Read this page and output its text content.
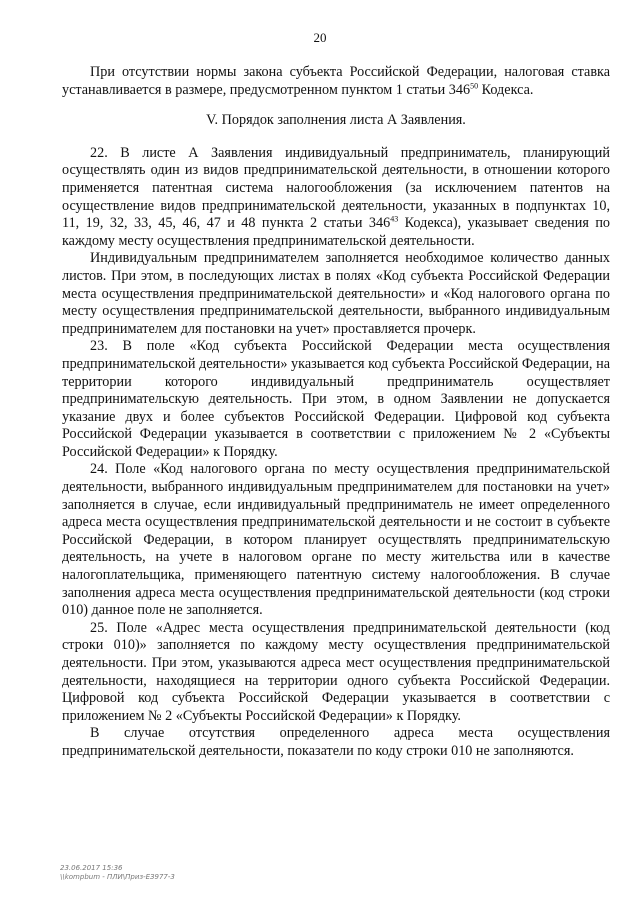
20

При отсутствии нормы закона субъекта Российской Федерации, налоговая ставка устанавливается в размере, предусмотренном пунктом 1 статьи $346^{50}$ Кодекса.

V. Порядок заполнения листа А Заявления.

22. В листе А Заявления индивидуальный предприниматель, планирующий осуществлять один из видов предпринимательской деятельности, в отношении которого применяется патентная система налогообложения (за исключением патентов на осуществление видов предпринимательской деятельности, указанных в подпунктах 10, 11, 19, 32, 33, 45, 46, 47 и 48 пункта 2 статьи $346^{43}$ Кодекса), указывает сведения по каждому месту осуществления предпринимательской деятельности.

Индивидуальным предпринимателем заполняется необходимое количество данных листов. При этом, в последующих листах в полях «Код субъекта Российской Федерации места осуществления предпринимательской деятельности» и «Код налогового органа по месту осуществления предпринимательской деятельности, выбранного индивидуальным предпринимателем для постановки на учет» проставляется прочерк.

23. В поле «Код субъекта Российской Федерации места осуществления предпринимательской деятельности» указывается код субъекта Российской Федерации, на территории которого индивидуальный предприниматель осуществляет предпринимательскую деятельность. При этом, в одном Заявлении не допускается указание двух и более субъектов Российской Федерации. Цифровой код субъекта Российской Федерации указывается в соответствии с приложением № 2 «Субъекты Российской Федерации» к Порядку.

24. Поле «Код налогового органа по месту осуществления предпринимательской деятельности, выбранного индивидуальным предпринимателем для постановки на учет» заполняется в случае, если индивидуальный предприниматель не имеет определенного адреса места осуществления предпринимательской деятельности и не состоит в субъекте Российской Федерации, в котором планирует осуществлять предпринимательскую деятельность, на учете в налоговом органе по месту жительства или в качестве налогоплательщика, применяющего патентную систему налогообложения. В случае заполнения адреса места осуществления предпринимательской деятельности (код строки 010) данное поле не заполняется.

25. Поле «Адрес места осуществления предпринимательской деятельности (код строки 010)» заполняется по каждому месту осуществления предпринимательской деятельности. При этом, указываются адреса мест осуществления предпринимательской деятельности, находящиеся на территории одного субъекта Российской Федерации. Цифровой код субъекта Российской Федерации указывается в соответствии с приложением № 2 «Субъекты Российской Федерации» к Порядку.

В случае отсутствия определенного адреса места осуществления предпринимательской деятельности, показатели по коду строки 010 не заполняются.

23.06.2017 15:36
\\kompbum - ПЛИ\Приз-ЕЗ977-3
